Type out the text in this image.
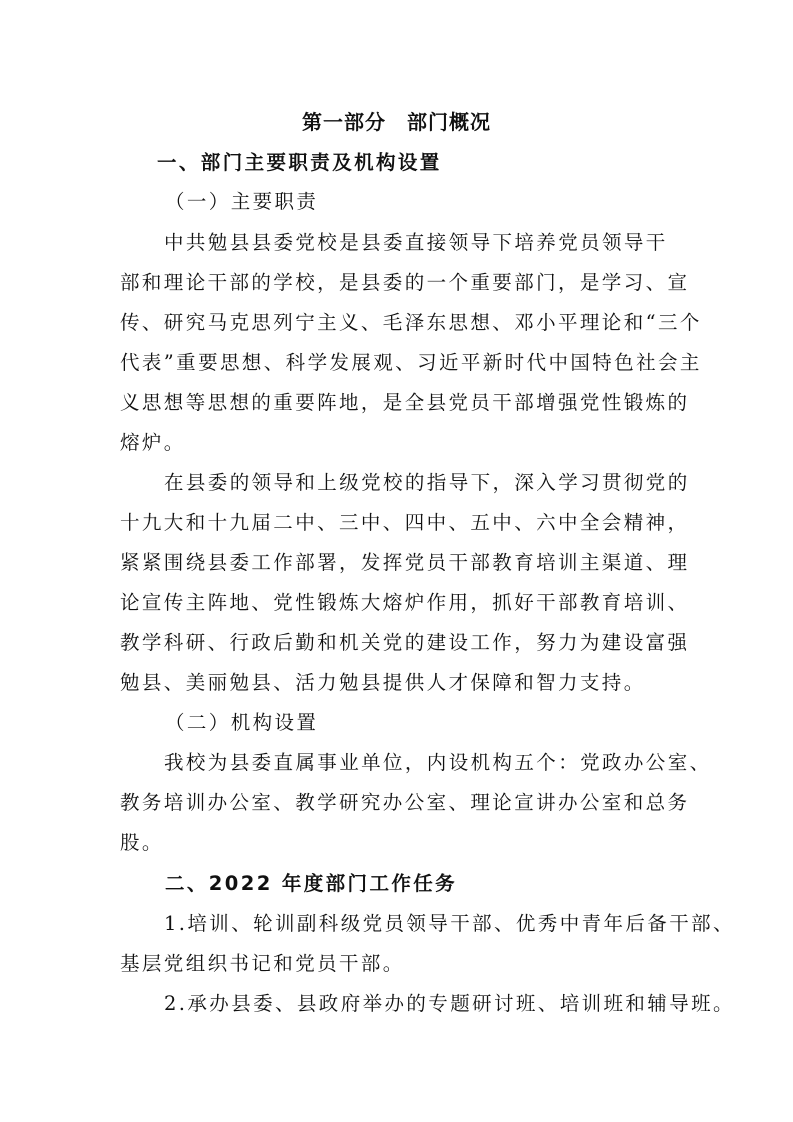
第一部分　部门概况
一、部门主要职责及机构设置
（一）主要职责
中共勉县县委党校是县委直接领导下培养党员领导干
部和理论干部的学校，是县委的一个重要部门，是学习、宣
传、研究马克思列宁主义、毛泽东思想、邓小平理论和“三个
代表”重要思想、科学发展观、习近平新时代中国特色社会主
义思想等思想的重要阵地，是全县党员干部增强党性锻炼的
熔炉。
在县委的领导和上级党校的指导下，深入学习贯彻党的
十九大和十九届二中、三中、四中、五中、六中全会精神，
紧紧围绕县委工作部署，发挥党员干部教育培训主渠道、理
论宣传主阵地、党性锻炼大熔炉作用，抓好干部教育培训、
教学科研、行政后勤和机关党的建设工作，努力为建设富强
勉县、美丽勉县、活力勉县提供人才保障和智力支持。
（二）机构设置
我校为县委直属事业单位，内设机构五个：党政办公室、
教务培训办公室、教学研究办公室、理论宣讲办公室和总务
股。
二、2022 年度部门工作任务
1.培训、轮训副科级党员领导干部、优秀中青年后备干部、
基层党组织书记和党员干部。
2.承办县委、县政府举办的专题研讨班、培训班和辅导班。
